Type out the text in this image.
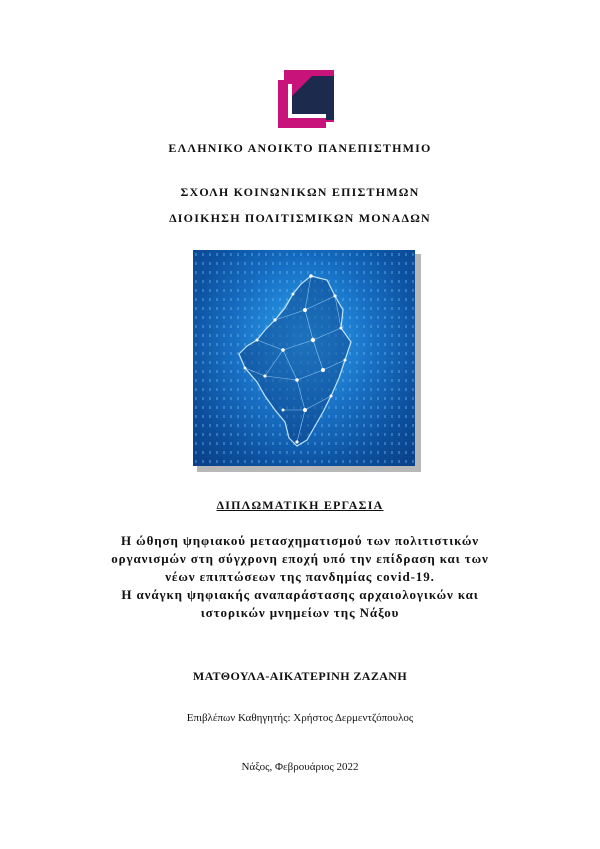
ΕΛΛΗΝΙΚΟ ΑΝΟΙΚΤΟ ΠΑΝΕΠΙΣΤΗΜΙΟ
ΣΧΟΛΗ ΚΟΙΝΩΝΙΚΩΝ ΕΠΙΣΤΗΜΩΝ
ΔΙΟΙΚΗΣΗ ΠΟΛΙΤΙΣΜΙΚΩΝ ΜΟΝΑΔΩΝ
ΔΙΠΛΩΜΑΤΙΚΗ ΕΡΓΑΣΙΑ
Η ώθηση ψηφιακού μετασχηματισμού των πολιτιστικών
οργανισμών στη σύγχρονη εποχή υπό την επίδραση και των
νέων επιπτώσεων της πανδημίας covid-19.
Η ανάγκη ψηφιακής αναπαράστασης αρχαιολογικών και
ιστορικών μνημείων της Νάξου
ΜΑΤΘΟΥΛΑ-ΑΙΚΑΤΕΡΙΝΗ ΖΑΖΑΝΗ
Επιβλέπων Καθηγητής: Χρήστος Δερμεντζόπουλος
Νάξος, Φεβρουάριος 2022
